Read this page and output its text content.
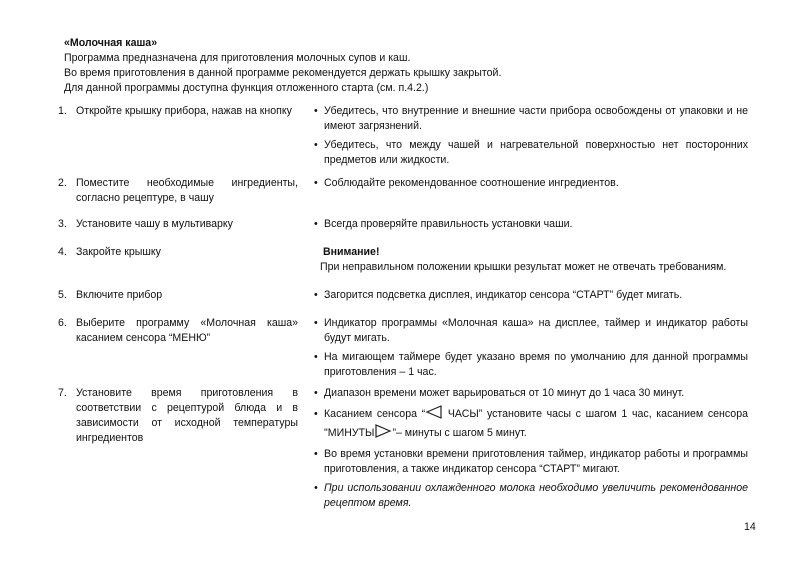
«Молочная каша»
Программа предназначена для приготовления молочных супов и каш.
Во время приготовления в данной программе рекомендуется держать крышку закрытой.
Для данной программы доступна функция отложенного старта (см. п.4.2.)
1. Откройте крышку прибора, нажав на кнопку	• Убедитесь, что внутренние и внешние части прибора освобождены от упаковки и не имеют загрязнений.
• Убедитесь, что между чашей и нагревательной поверхностью нет посторонних предметов или жидкости.
2. Поместите необходимые ингредиенты, согласно рецептуре, в чашу
• Соблюдайте рекомендованное соотношение ингредиентов.
3. Установите чашу в мультиварку	• Всегда проверяйте правильность установки чаши.
4. Закройте крышку	Внимание!
При неправильном положении крышки результат может не отвечать требованиям.
5. Включите прибор	• Загорится подсветка дисплея, индикатор сенсора “СТАРТ” будет мигать.
6. Выберите программу «Молочная каша» касанием сенсора “МЕНЮ”
• Индикатор программы «Молочная каша» на дисплее, таймер и индикатор работы будут мигать.
• На мигающем таймере будет указано время по умолчанию для данной программы приготовления – 1 час.
7. Установите время приготовления в соответствии с рецептурой блюда и в зависимости от исходной температуры ингредиентов
• Диапазон времени может варьироваться от 10 минут до 1 часа 30 минут.
• Касанием сенсора “
ЧАСЫ” установите часы с шагом 1 час, касанием сенсора "МИНУТЫ ”– минуты с шагом 5 минут.
• Во время установки времени приготовления таймер, индикатор работы и программы приготовления, а также индикатор сенсора “СТАРТ” мигают.
• При использовании охлажденного молока необходимо увеличить рекомендованное рецептом время.
14
